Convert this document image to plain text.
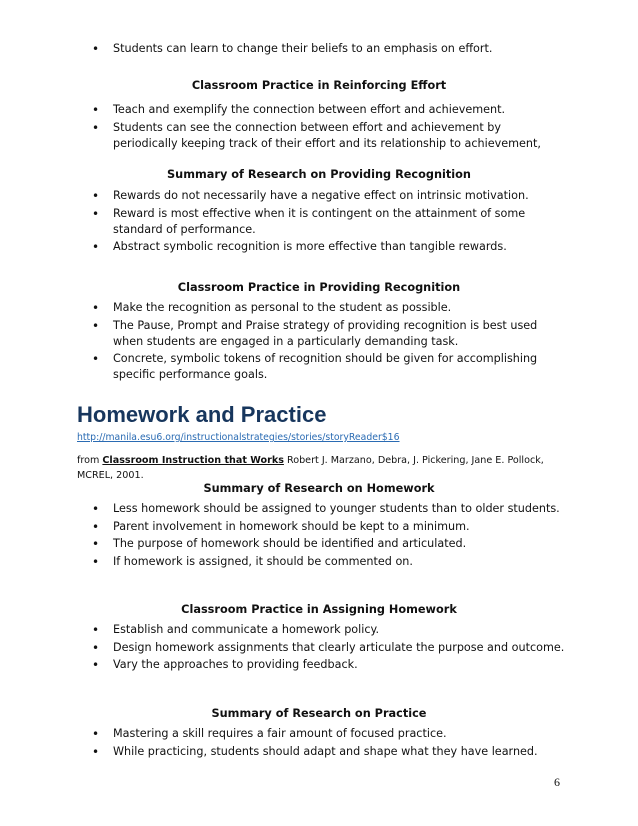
• Students can learn to change their beliefs to an emphasis on effort.
Classroom Practice in Reinforcing Effort
• Teach and exemplify the connection between effort and achievement.
• Students can see the connection between effort and achievement by periodically keeping track of their effort and its relationship to achievement,
Summary of Research on Providing Recognition
• Rewards do not necessarily have a negative effect on intrinsic motivation.
• Reward is most effective when it is contingent on the attainment of some standard of performance.
• Abstract symbolic recognition is more effective than tangible rewards.
Classroom Practice in Providing Recognition
• Make the recognition as personal to the student as possible.
• The Pause, Prompt and Praise strategy of providing recognition is best used when students are engaged in a particularly demanding task.
• Concrete, symbolic tokens of recognition should be given for accomplishing specific performance goals.
Homework and Practice
http://manila.esu6.org/instructionalstrategies/stories/storyReader$16
from Classroom Instruction that Works Robert J. Marzano, Debra, J. Pickering, Jane E. Pollock, MCREL, 2001.
Summary of Research on Homework
• Less homework should be assigned to younger students than to older students.
• Parent involvement in homework should be kept to a minimum.
• The purpose of homework should be identified and articulated.
• If homework is assigned, it should be commented on.
Classroom Practice in Assigning Homework
• Establish and communicate a homework policy.
• Design homework assignments that clearly articulate the purpose and outcome.
• Vary the approaches to providing feedback.
Summary of Research on Practice
• Mastering a skill requires a fair amount of focused practice.
• While practicing, students should adapt and shape what they have learned.
6
